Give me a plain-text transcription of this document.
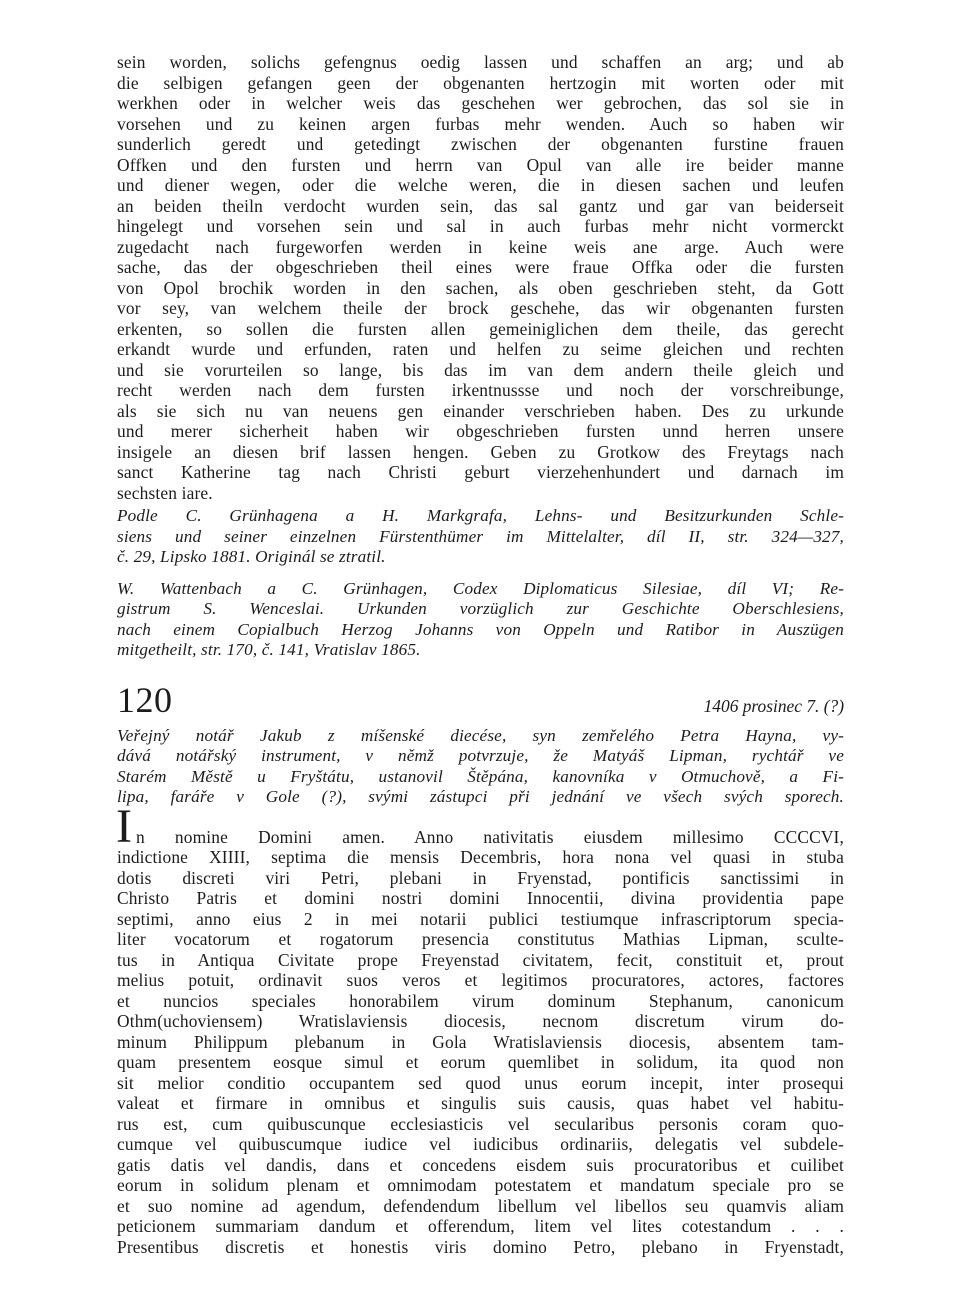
sein worden, solichs gefengnus oedig lassen und schaffen an arg; und ab
die selbigen gefangen geen der obgenanten hertzogin mit worten oder mit
werkhen oder in welcher weis das geschehen wer gebrochen, das sol sie in
vorsehen und zu keinen argen furbas mehr wenden. Auch so haben wir
sunderlich geredt und getedingt zwischen der obgenanten furstine frauen
Offken und den fursten und herrn van Opul van alle ire beider manne
und diener wegen, oder die welche weren, die in diesen sachen und leufen
an beiden theiln verdocht wurden sein, das sal gantz und gar van beiderseit
hingelegt und vorsehen sein und sal in auch furbas mehr nicht vormerckt
zugedacht nach furgeworfen werden in keine weis ane arge. Auch were
sache, das der obgeschrieben theil eines were fraue Offka oder die fursten
von Opol brochik worden in den sachen, als oben geschrieben steht, da Gott
vor sey, van welchem theile der brock geschehe, das wir obgenanten fursten
erkenten, so sollen die fursten allen gemeiniglichen dem theile, das gerecht
erkandt wurde und erfunden, raten und helfen zu seime gleichen und rechten
und sie vorurteilen so lange, bis das im van dem andern theile gleich und
recht werden nach dem fursten irkentnussse und noch der vorschreibunge,
als sie sich nu van neuens gen einander verschrieben haben. Des zu urkunde
und merer sicherheit haben wir obgeschrieben fursten unnd herren unsere
insigele an diesen brif lassen hengen. Geben zu Grotkow des Freytags nach
sanct Katherine tag nach Christi geburt vierzehenhundert und darnach im
sechsten iare.
Podle C. Grünhagena a H. Markgrafa, Lehns- und Besitzurkunden Schle-
siens und seiner einzelnen Fürstenthümer im Mittelalter, díl II, str. 324—327,
č. 29, Lipsko 1881. Originál se ztratil.
W. Wattenbach a C. Grünhagen, Codex Diplomaticus Silesiae, díl VI; Re-
gistrum S. Wenceslai. Urkunden vorzüglich zur Geschichte Oberschlesiens,
nach einem Copialbuch Herzog Johanns von Oppeln und Ratibor in Auszügen
mitgetheilt, str. 170, č. 141, Vratislav 1865.
120	1406 prosinec 7. (?)
Veřejný notář Jakub z míšenské diecése, syn zemřelého Petra Hayna, vy-
dává notářský instrument, v němž potvrzuje, že Matyáš Lipman, rychtář ve
Starém Městě u Fryštátu, ustanovil Štěpána, kanovníka v Otmuchově, a Fi-
lipa, faráře v Gole (?), svými zástupci při jednání ve všech svých sporech.
I n nomine Domini amen. Anno nativitatis eiusdem millesimo CCCCVI,
indictione XIIII, septima die mensis Decembris, hora nona vel quasi in stuba
dotis discreti viri Petri, plebani in Fryenstad, pontificis sanctissimi in
Christo Patris et domini nostri domini Innocentii, divina providentia pape
septimi, anno eius 2 in mei notarii publici testiumque infrascriptorum specia-
liter vocatorum et rogatorum presencia constitutus Mathias Lipman, sculte-
tus in Antiqua Civitate prope Freyenstad civitatem, fecit, constituit et, prout
melius potuit, ordinavit suos veros et legitimos procuratores, actores, factores
et nuncios speciales honorabilem virum dominum Stephanum, canonicum
Othm(uchoviensem) Wratislaviensis diocesis, necnom discretum virum do-
minum Philippum plebanum in Gola Wratislaviensis diocesis, absentem tam-
quam presentem eosque simul et eorum quemlibet in solidum, ita quod non
sit melior conditio occupantem sed quod unus eorum incepit, inter prosequi
valeat et firmare in omnibus et singulis suis causis, quas habet vel habitu-
rus est, cum quibuscunque ecclesiasticis vel secularibus personis coram quo-
cumque vel quibuscumque iudice vel iudicibus ordinariis, delegatis vel subdele-
gatis datis vel dandis, dans et concedens eisdem suis procuratoribus et cuilibet
eorum in solidum plenam et omnimodam potestatem et mandatum speciale pro se
et suo nomine ad agendum, defendendum libellum vel libellos seu quamvis aliam
peticionem summariam dandum et offerendum, litem vel lites cotestandum . . .
Presentibus discretis et honestis viris domino Petro, plebano in Fryenstadt,
